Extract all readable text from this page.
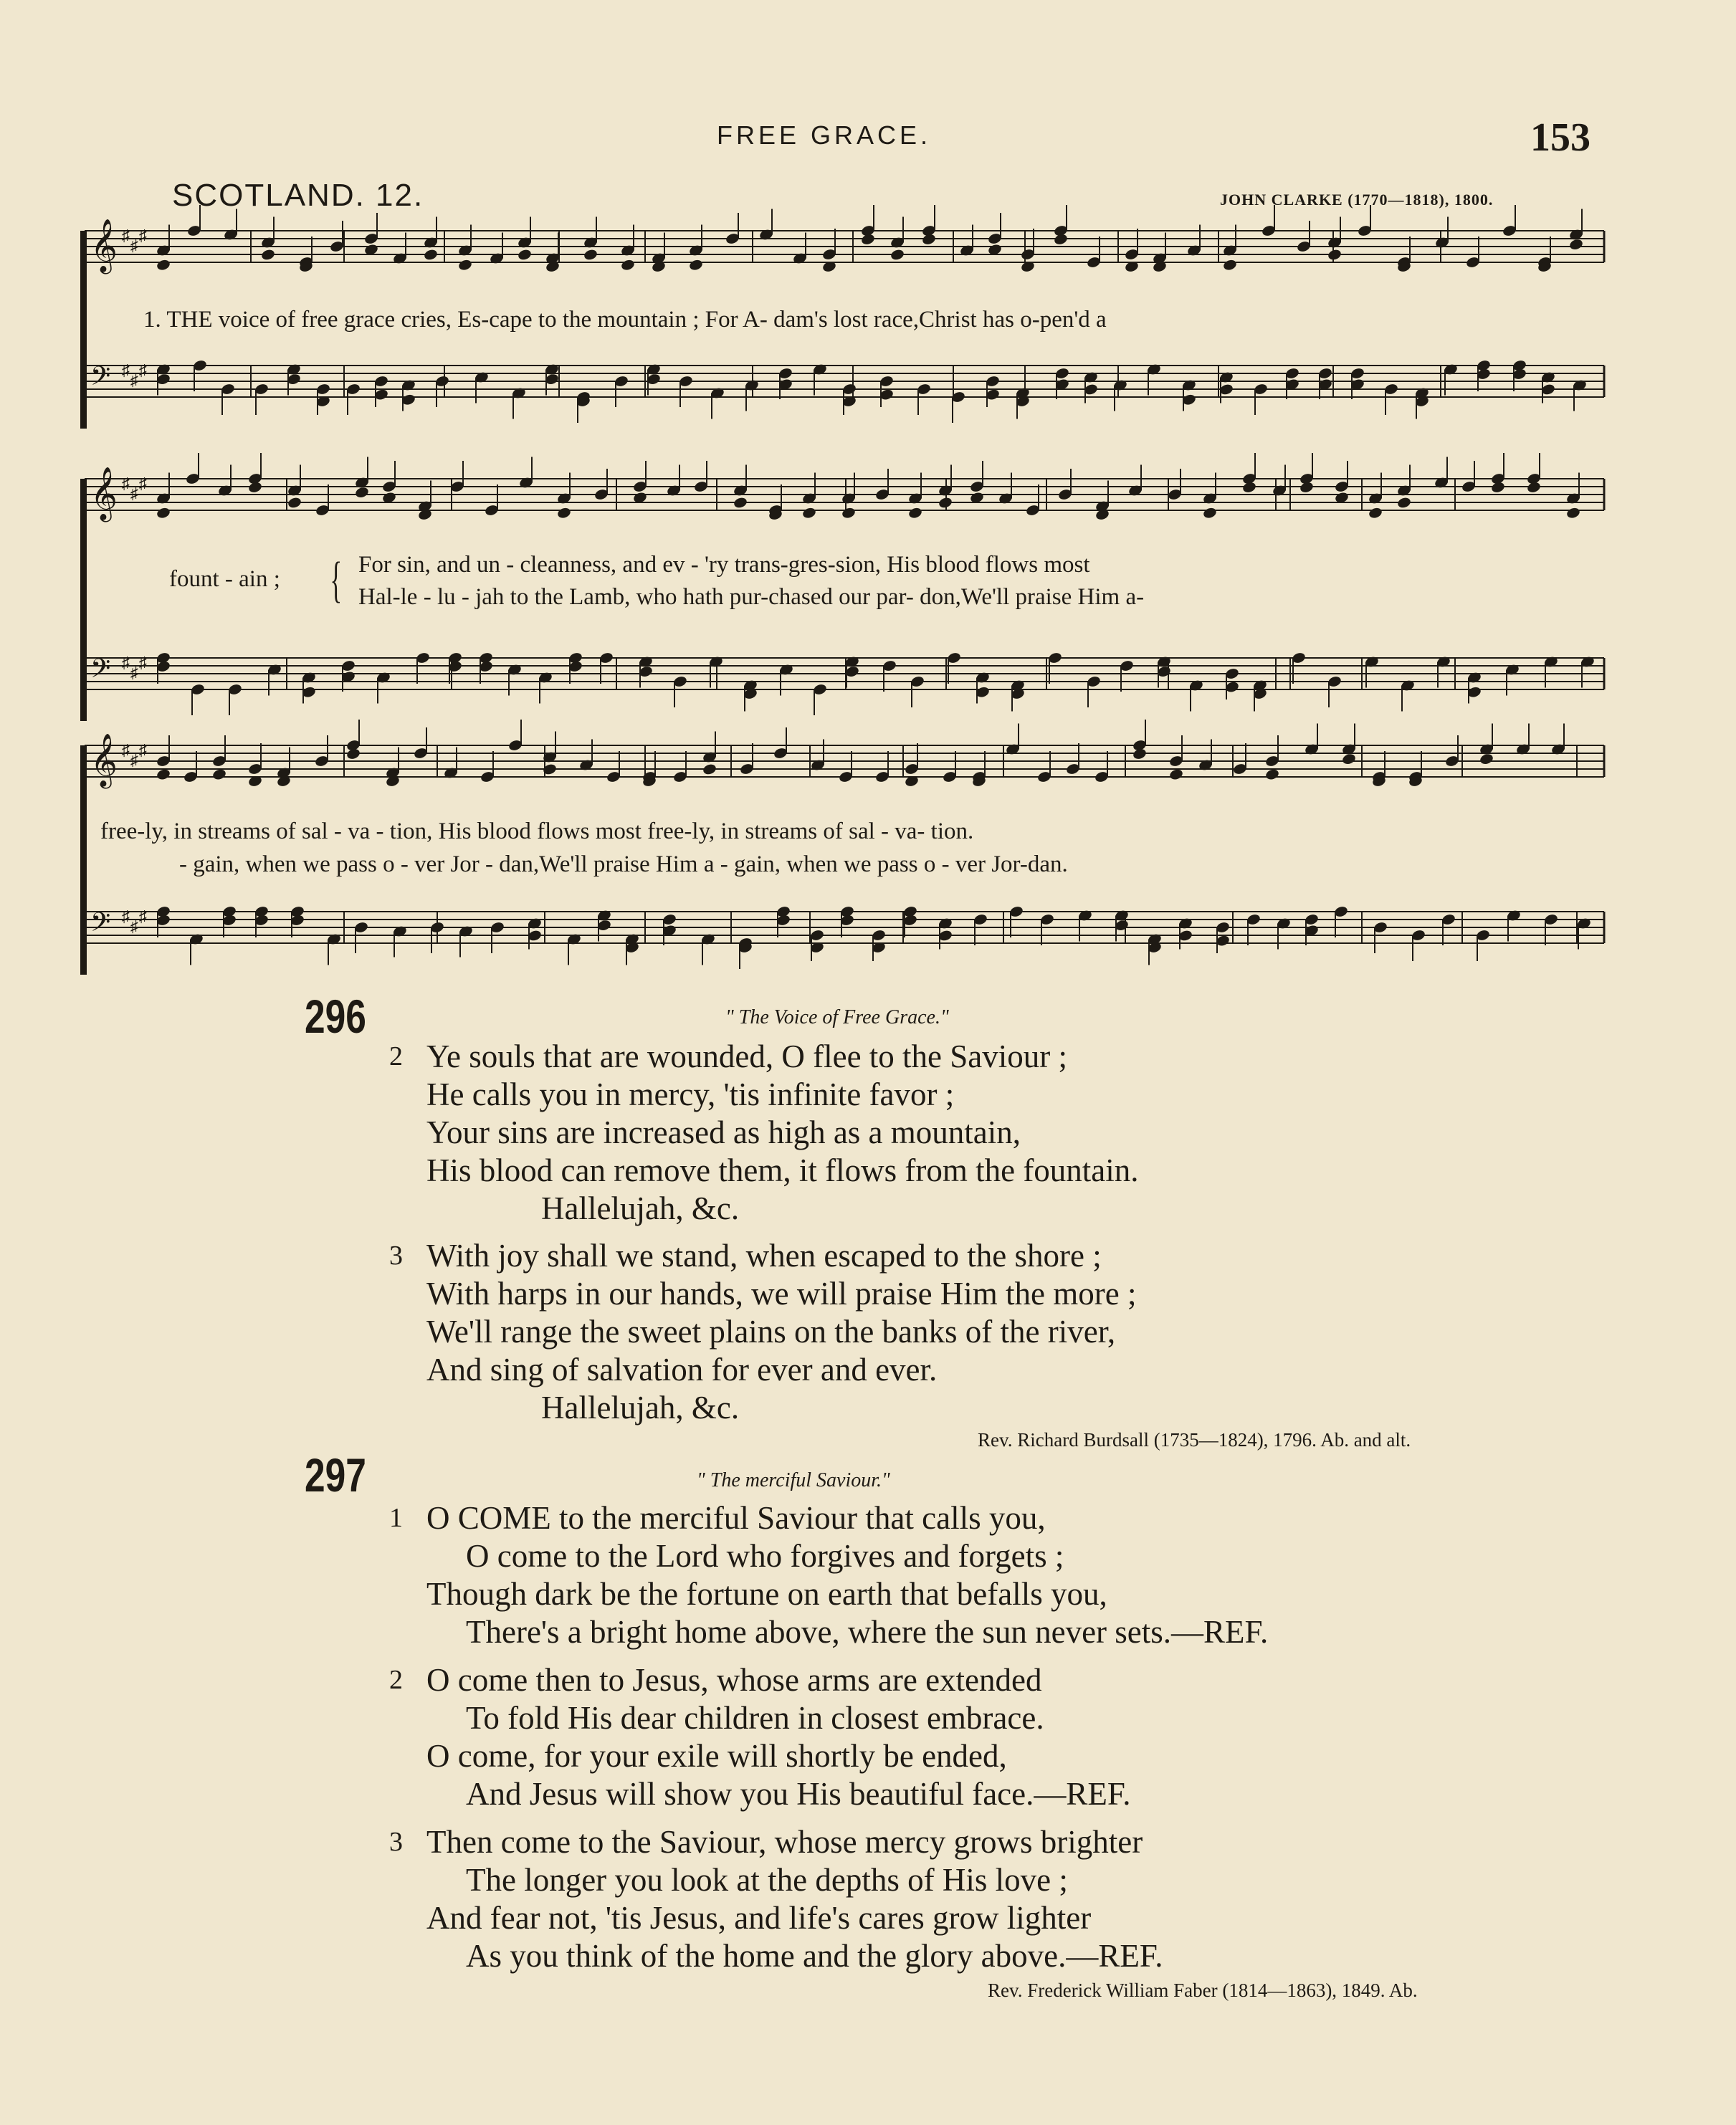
FREE GRACE.	153
SCOTLAND. 12.	JOHN CLARKE (1770—1818), 1800.
𝄞 ♯
♯
♯
𝄢 ♯
♯
♯
𝄞 ♯
♯
♯
𝄢 ♯
♯
♯
𝄞 ♯
♯
♯
𝄢 ♯
♯
♯
1. THE voice of free grace cries, Es-cape to the mountain ; For A- dam's lost race,Christ has o-pen'd a
fount - ain ; { For sin, and un - cleanness, and ev - 'ry trans-gres-sion, His blood flows most
Hal-le - lu - jah to the Lamb, who hath pur-chased our par- don,We'll praise Him a-
free-ly, in streams of sal - va - tion, His blood flows most free-ly, in streams of sal - va- tion.
- gain, when we pass o - ver Jor - dan,We'll praise Him a - gain, when we pass o - ver Jor-dan.
296	" The Voice of Free Grace."
2 Ye souls that are wounded, O flee to the Saviour ;
He calls you in mercy, 'tis infinite favor ;
Your sins are increased as high as a mountain,
His blood can remove them, it flows from the fountain.
Hallelujah, &c.
3 With joy shall we stand, when escaped to the shore ;
With harps in our hands, we will praise Him the more ;
We'll range the sweet plains on the banks of the river,
And sing of salvation for ever and ever.
Hallelujah, &c.
Rev. Richard Burdsall (1735—1824), 1796. Ab. and alt.
297	" The merciful Saviour."
1 O COME to the merciful Saviour that calls you,
O come to the Lord who forgives and forgets ;
Though dark be the fortune on earth that befalls you,
There's a bright home above, where the sun never sets.—REF.
2 O come then to Jesus, whose arms are extended
To fold His dear children in closest embrace.
O come, for your exile will shortly be ended,
And Jesus will show you His beautiful face.—REF.
3 Then come to the Saviour, whose mercy grows brighter
The longer you look at the depths of His love ;
And fear not, 'tis Jesus, and life's cares grow lighter
As you think of the home and the glory above.—REF.
Rev. Frederick William Faber (1814—1863), 1849. Ab.
